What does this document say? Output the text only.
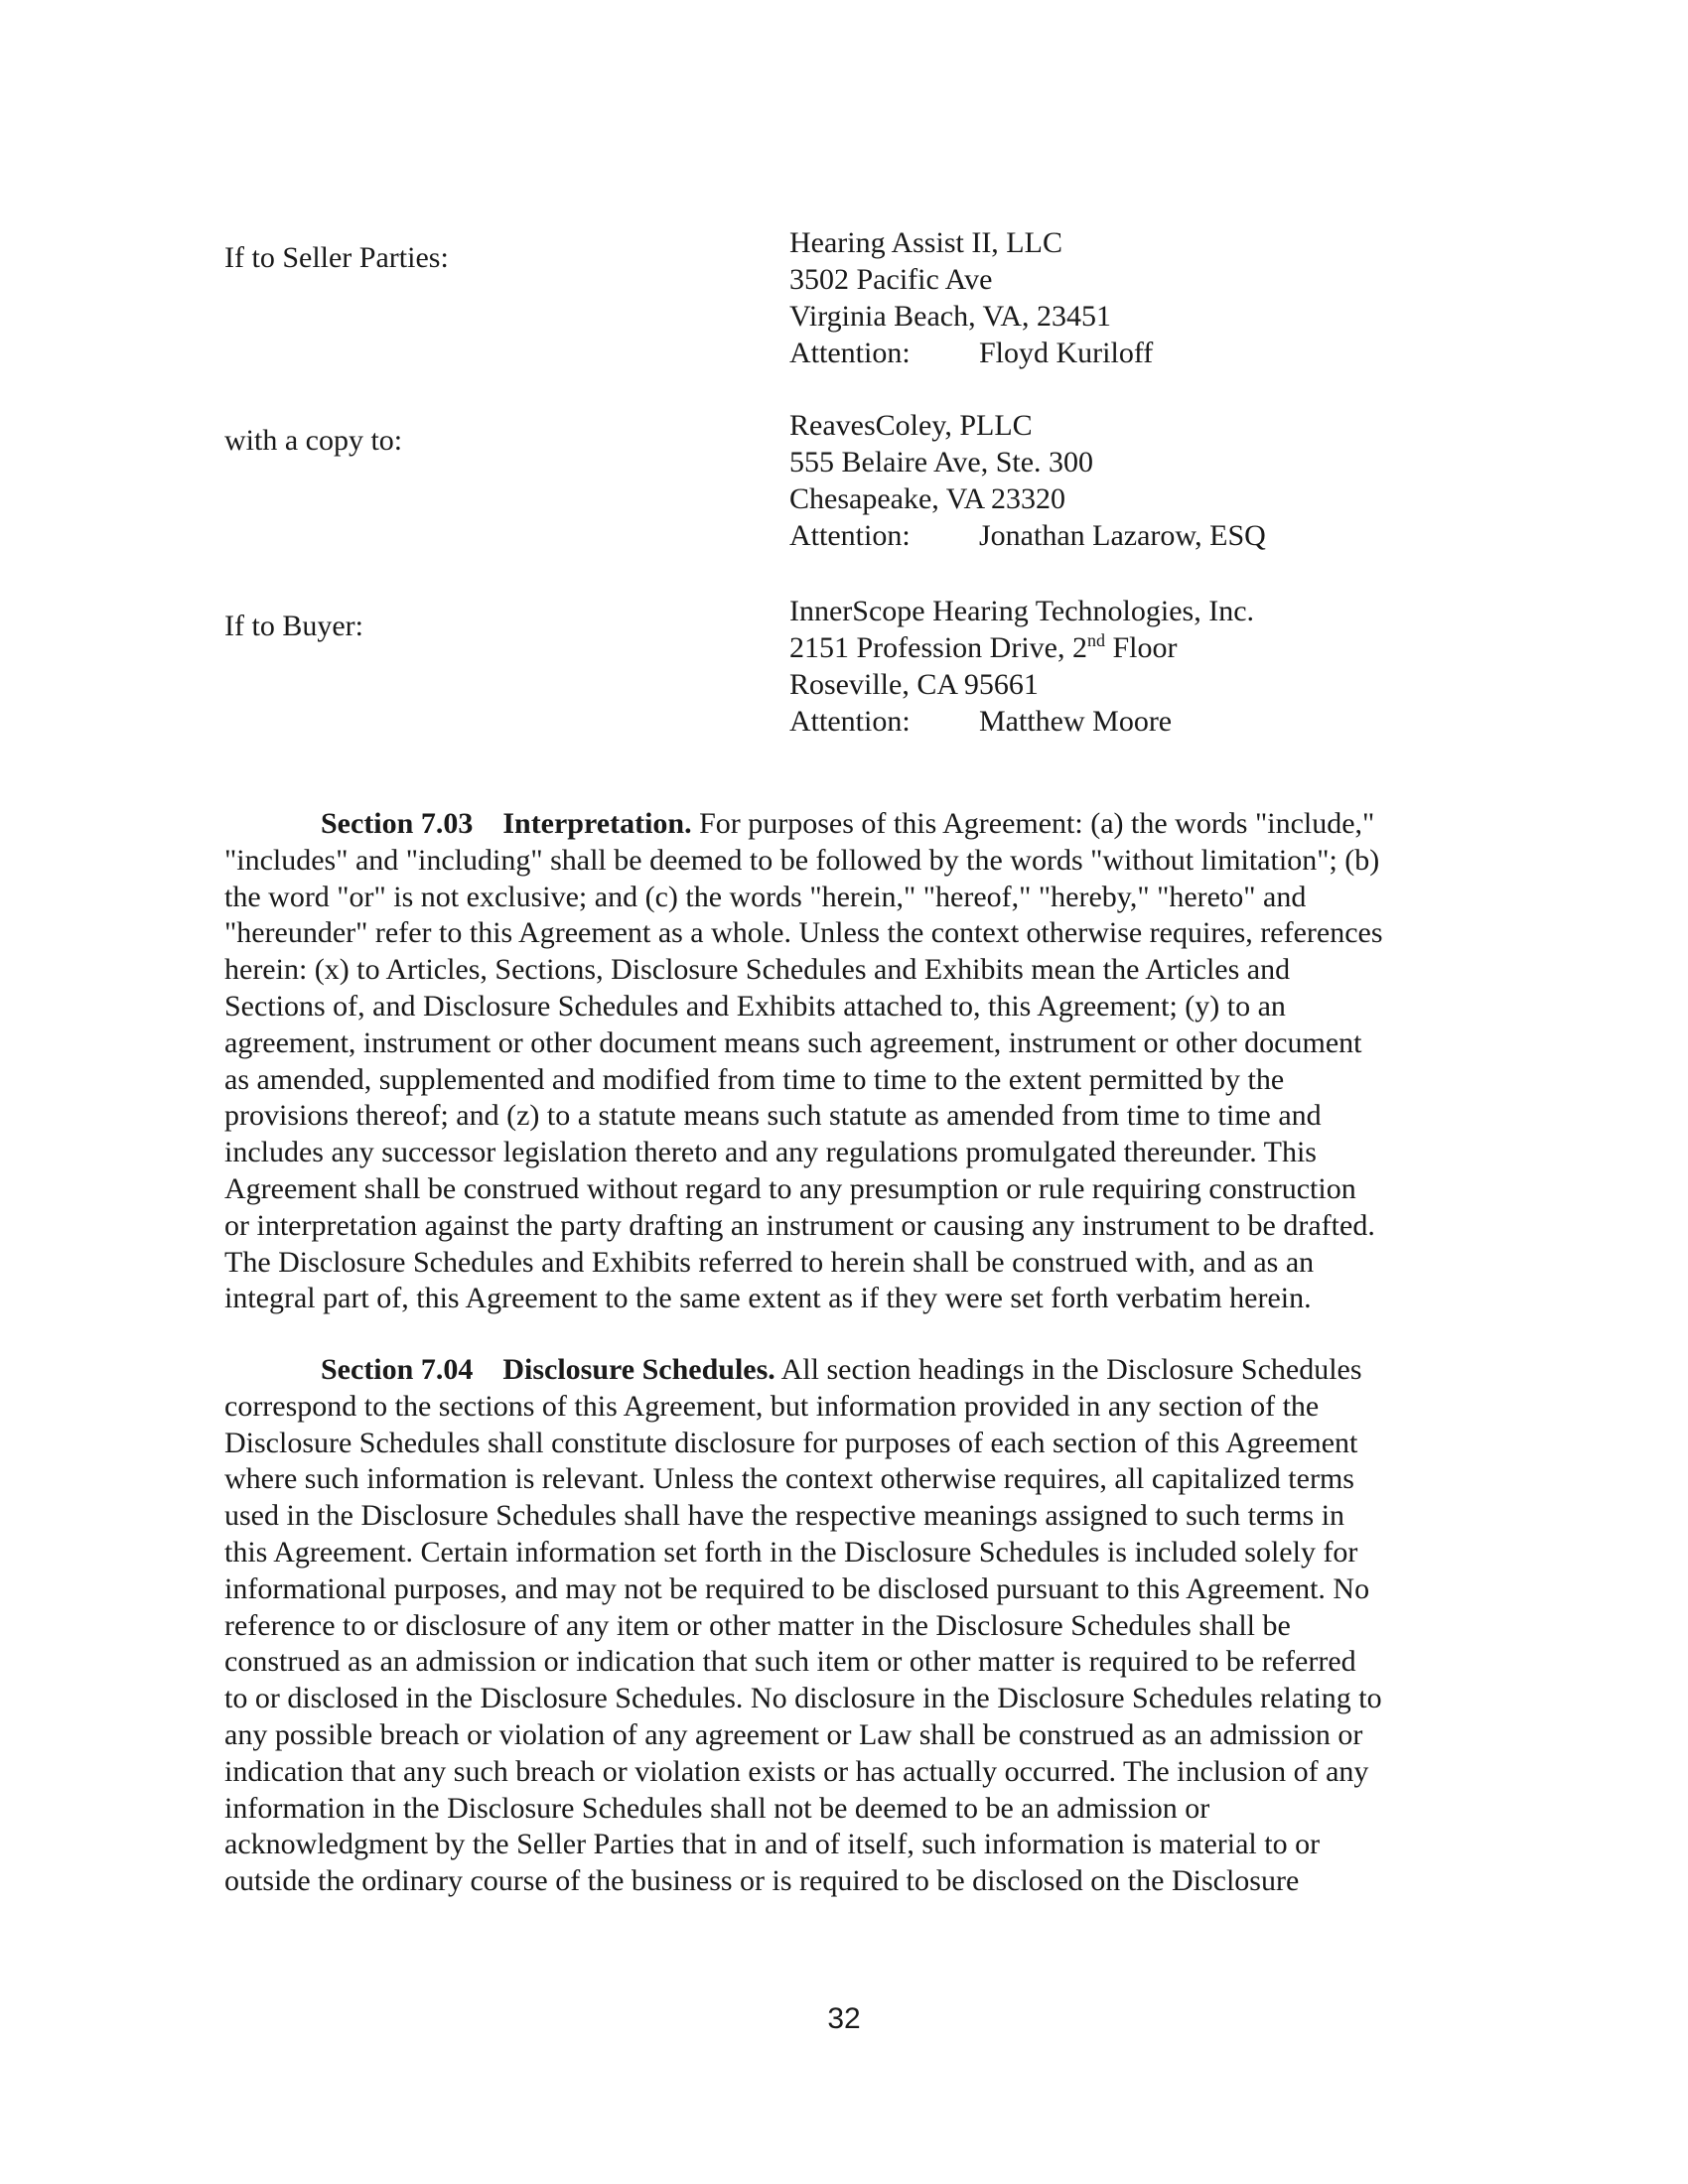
If to Seller Parties:	Hearing Assist II, LLC
3502 Pacific Ave
Virginia Beach, VA, 23451
Attention: Floyd Kuriloff
with a copy to:	ReavesColey, PLLC
555 Belaire Ave, Ste. 300
Chesapeake, VA 23320
Attention: Jonathan Lazarow, ESQ
If to Buyer:	InnerScope Hearing Technologies, Inc.
2151 Profession Drive, 2nd Floor
Roseville, CA 95661
Attention: Matthew Moore
Section 7.03 Interpretation. For purposes of this Agreement: (a) the words "include,"
"includes" and "including" shall be deemed to be followed by the words "without limitation"; (b)
the word "or" is not exclusive; and (c) the words "herein," "hereof," "hereby," "hereto" and
"hereunder" refer to this Agreement as a whole. Unless the context otherwise requires, references
herein: (x) to Articles, Sections, Disclosure Schedules and Exhibits mean the Articles and
Sections of, and Disclosure Schedules and Exhibits attached to, this Agreement; (y) to an
agreement, instrument or other document means such agreement, instrument or other document
as amended, supplemented and modified from time to time to the extent permitted by the
provisions thereof; and (z) to a statute means such statute as amended from time to time and
includes any successor legislation thereto and any regulations promulgated thereunder. This
Agreement shall be construed without regard to any presumption or rule requiring construction
or interpretation against the party drafting an instrument or causing any instrument to be drafted.
The Disclosure Schedules and Exhibits referred to herein shall be construed with, and as an
integral part of, this Agreement to the same extent as if they were set forth verbatim herein.
Section 7.04 Disclosure Schedules. All section headings in the Disclosure Schedules
correspond to the sections of this Agreement, but information provided in any section of the
Disclosure Schedules shall constitute disclosure for purposes of each section of this Agreement
where such information is relevant. Unless the context otherwise requires, all capitalized terms
used in the Disclosure Schedules shall have the respective meanings assigned to such terms in
this Agreement. Certain information set forth in the Disclosure Schedules is included solely for
informational purposes, and may not be required to be disclosed pursuant to this Agreement. No
reference to or disclosure of any item or other matter in the Disclosure Schedules shall be
construed as an admission or indication that such item or other matter is required to be referred
to or disclosed in the Disclosure Schedules. No disclosure in the Disclosure Schedules relating to
any possible breach or violation of any agreement or Law shall be construed as an admission or
indication that any such breach or violation exists or has actually occurred. The inclusion of any
information in the Disclosure Schedules shall not be deemed to be an admission or
acknowledgment by the Seller Parties that in and of itself, such information is material to or
outside the ordinary course of the business or is required to be disclosed on the Disclosure
32
